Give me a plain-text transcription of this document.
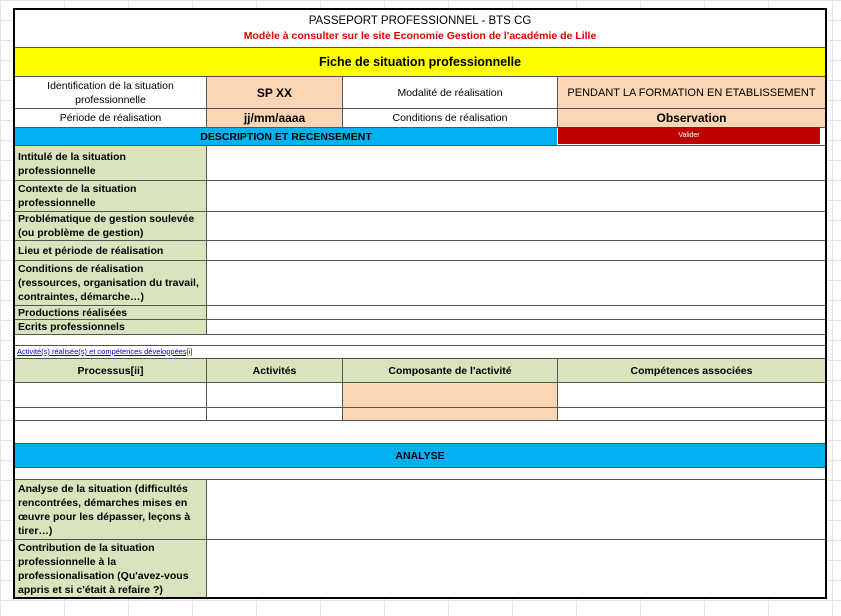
PASSEPORT PROFESSIONNEL - BTS CG
Modèle à consulter sur le site Economie Gestion de l'académie de Lille
Fiche de situation professionnelle
Identification de la situation professionnelle	SP XX	Modalité de réalisation	PENDANT LA FORMATION EN ETABLISSEMENT
Période de réalisation	jj/mm/aaaa	Conditions de réalisation	Observation
DESCRIPTION ET RECENSEMENT	Valider
Intitulé de la situation professionnelle
Contexte de la situation professionnelle
Problématique de gestion soulevée (ou problème de gestion)
Lieu et période de réalisation
Conditions de réalisation (ressources, organisation du travail, contraintes, démarche…)
Productions réalisées
Ecrits professionnels
Activité(s) réalisée(s) et compétences développées[i]
Processus[ii]	Activités	Composante de l'activité	Compétences associées
ANALYSE
Analyse de la situation (difficultés rencontrées, démarches mises en œuvre pour les dépasser, leçons à tirer…)
Contribution de la situation professionnelle à la professionalisation (Qu'avez-vous appris et si c'était à refaire ?)
